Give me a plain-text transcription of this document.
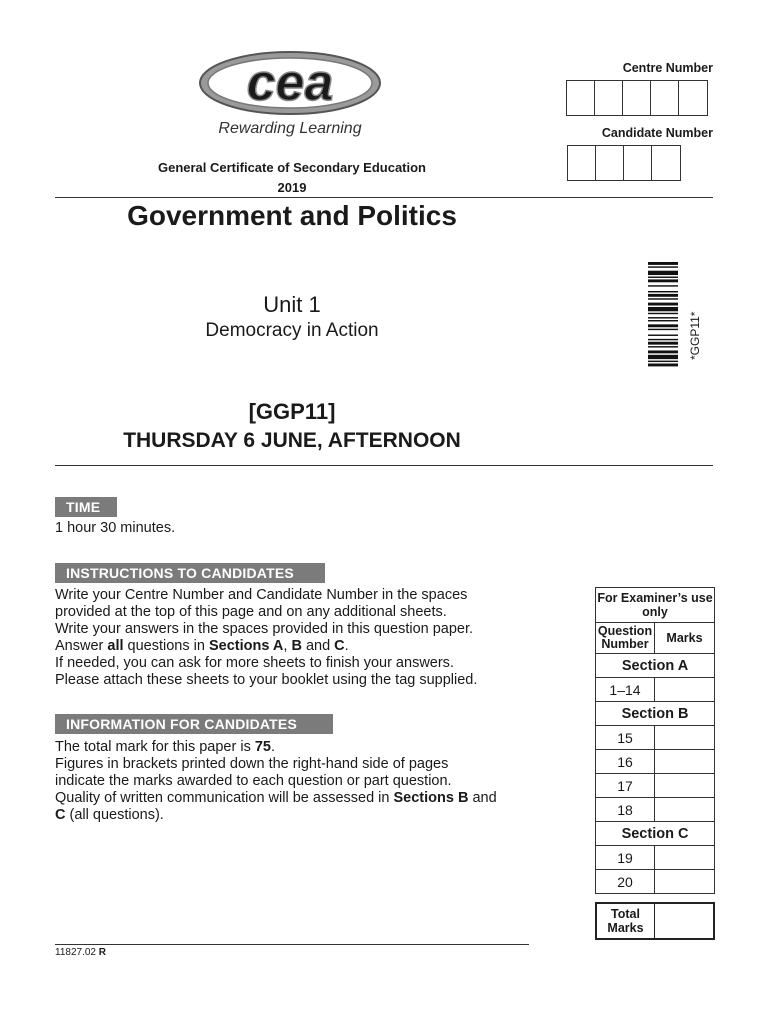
cea
Rewarding Learning
General Certificate of Secondary Education
2019
Centre Number
Candidate Number
Government and Politics
Unit 1
Democracy in Action
[GGP11]
THURSDAY 6 JUNE, AFTERNOON
*GGP11*
TIME
1 hour 30 minutes.
INSTRUCTIONS TO CANDIDATES
Write your Centre Number and Candidate Number in the spaces
provided at the top of this page and on any additional sheets.
Write your answers in the spaces provided in this question paper.
Answer all questions in Sections A, B and C.
If needed, you can ask for more sheets to finish your answers.
Please attach these sheets to your booklet using the tag supplied.
INFORMATION FOR CANDIDATES
The total mark for this paper is 75.
Figures in brackets printed down the right-hand side of pages
indicate the marks awarded to each question or part question.
Quality of written communication will be assessed in Sections B and
C (all questions).
For Examiner’s use only	
Question Number	Marks
Section A	
1–14	
Section B	
15	
16	
17	
18	
Section C	
19	
20	
Total Marks
11827.02 R
